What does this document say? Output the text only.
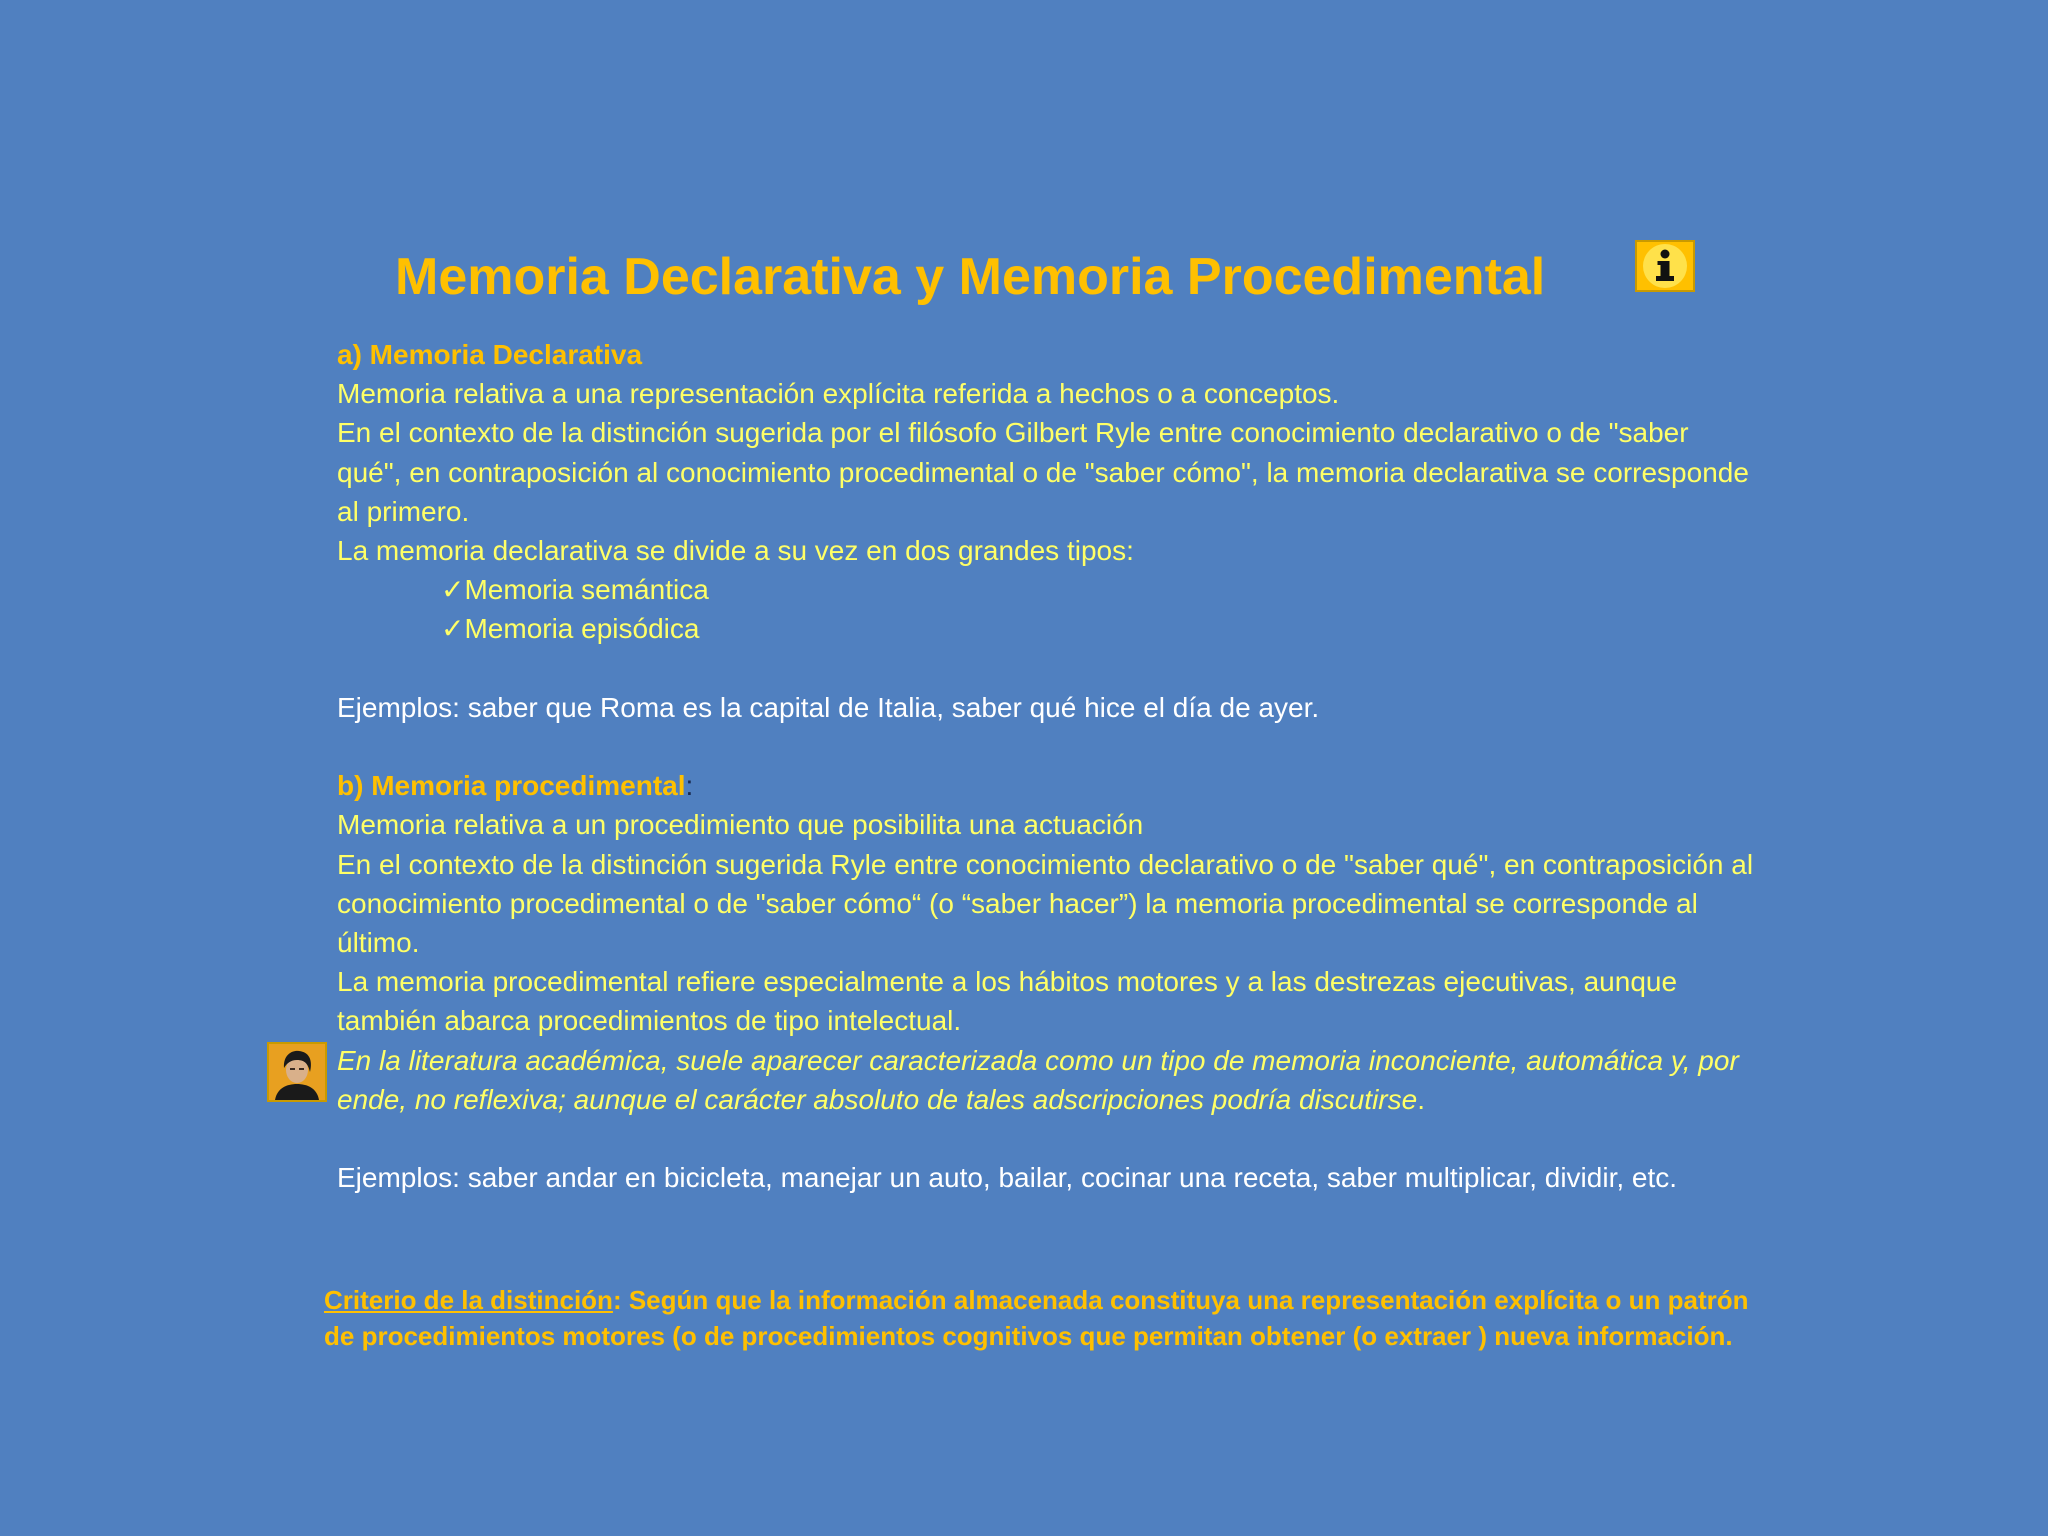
Memoria Declarativa y Memoria Procedimental

a) Memoria Declarativa

Memoria relativa a una representación explícita referida a hechos o a conceptos.

En el contexto de la distinción sugerida por el filósofo Gilbert Ryle entre conocimiento declarativo o de "saber qué", en contraposición al conocimiento procedimental o de "saber cómo", la memoria declarativa se corresponde al primero.

La memoria declarativa se divide a su vez en dos grandes tipos:

✓Memoria semántica

✓Memoria episódica

Ejemplos: saber que Roma es la capital de Italia, saber qué hice el día de ayer.

b) Memoria procedimental:

Memoria relativa a un procedimiento que posibilita una actuación

En el contexto de la distinción sugerida Ryle entre conocimiento declarativo o de "saber qué", en contraposición al conocimiento procedimental o de "saber cómo“ (o “saber hacer”) la memoria procedimental se corresponde al último.

La memoria procedimental refiere especialmente a los hábitos motores y a las destrezas ejecutivas, aunque también abarca procedimientos de tipo intelectual.

En la literatura académica, suele aparecer caracterizada como un tipo de memoria inconciente, automática y, por ende, no reflexiva; aunque el carácter absoluto de tales adscripciones podría discutirse.

Ejemplos: saber andar en bicicleta, manejar un auto, bailar, cocinar una receta, saber multiplicar, dividir, etc.

Criterio de la distinción: Según que la información almacenada constituya una representación explícita o un patrón de procedimientos motores (o de procedimientos cognitivos que permitan obtener (o extraer ) nueva información.
